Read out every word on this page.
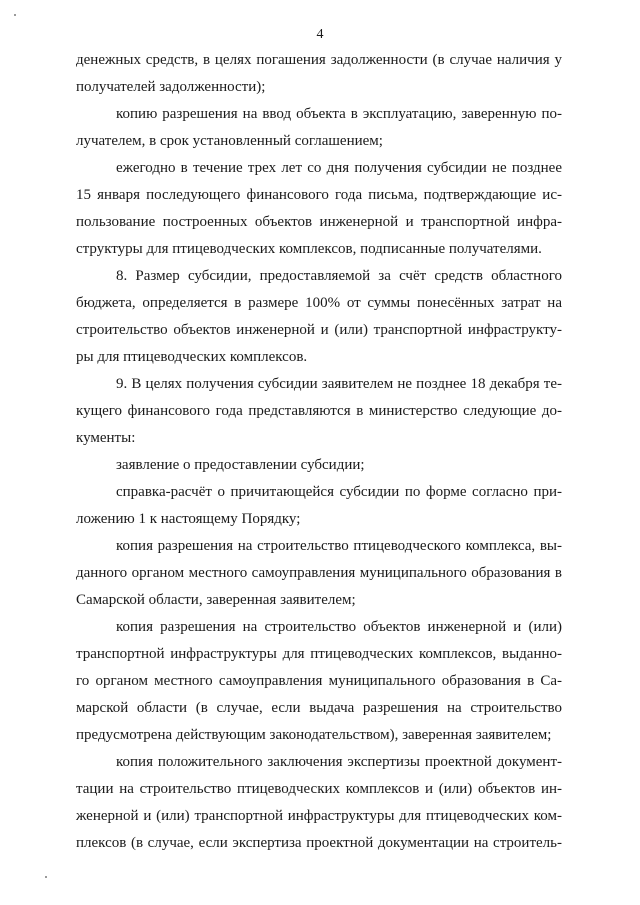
4
денежных средств, в целях погашения задолженности (в случае наличия у
получателей задолженности);
копию разрешения на ввод объекта в эксплуатацию, заверенную по-
лучателем, в срок установленный соглашением;
ежегодно в течение трех лет со дня получения субсидии не позднее
15 января последующего финансового года письма, подтверждающие ис-
пользование построенных объектов инженерной и транспортной инфра-
структуры для птицеводческих комплексов, подписанные получателями.
8. Размер субсидии, предоставляемой за счёт средств областного
бюджета, определяется в размере 100% от суммы понесённых затрат на
строительство объектов инженерной и (или) транспортной инфраструкту-
ры для птицеводческих комплексов.
9. В целях получения субсидии заявителем не позднее 18 декабря те-
кущего финансового года представляются в министерство следующие до-
кументы:
заявление о предоставлении субсидии;
справка-расчёт о причитающейся субсидии по форме согласно при-
ложению 1 к настоящему Порядку;
копия разрешения на строительство птицеводческого комплекса, вы-
данного органом местного самоуправления муниципального образования в
Самарской области, заверенная заявителем;
копия разрешения на строительство объектов инженерной и (или)
транспортной инфраструктуры для птицеводческих комплексов, выданно-
го органом местного самоуправления муниципального образования в Са-
марской области (в случае, если выдача разрешения на строительство
предусмотрена действующим законодательством), заверенная заявителем;
копия положительного заключения экспертизы проектной документ-
тации на строительство птицеводческих комплексов и (или) объектов ин-
женерной и (или) транспортной инфраструктуры для птицеводческих ком-
плексов (в случае, если экспертиза проектной документации на строитель-
